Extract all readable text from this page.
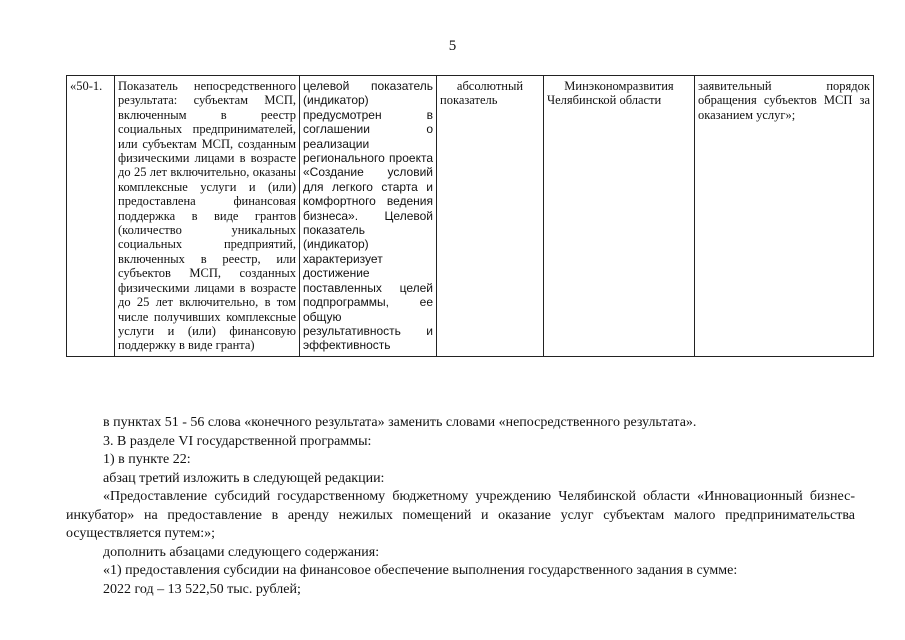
5
«50-1.	Показатель непосредственного результата: субъектам МСП, включенным в реестр социальных предпринимателей, или субъектам МСП, созданным физическими лицами в возрасте до 25 лет включительно, оказаны комплексные услуги и (или) предоставлена финансовая поддержка в виде грантов (количество уникальных социальных предприятий, включенных в реестр, или субъектов МСП, созданных физическими лицами в возрасте до 25 лет включительно, в том числе получивших комплексные услуги и (или) финансовую поддержку в виде гранта)	целевой показатель (индикатор) предусмотрен в соглашении о реализации регионального проекта «Создание условий для легкого старта и комфортного ведения бизнеса». Целевой показатель (индикатор) характеризует достижение поставленных целей подпрограммы, ее общую результативность и эффективность	абсолютный показатель	Минэкономразвития Челябинской области	заявительный порядок обращения субъектов МСП за оказанием услуг»;

в пунктах 51 - 56 слова «конечного результата» заменить словами «непосредственного результата».

3. В разделе VI государственной программы:

1) в пункте 22:

абзац третий изложить в следующей редакции:

«Предоставление субсидий государственному бюджетному учреждению Челябинской области «Инновационный бизнес-инкубатор» на предоставление в аренду нежилых помещений и оказание услуг субъектам малого предпринимательства осуществляется путем:»;

дополнить абзацами следующего содержания:

«1) предоставления субсидии на финансовое обеспечение выполнения государственного задания в сумме:

2022 год – 13 522,50 тыс. рублей;
